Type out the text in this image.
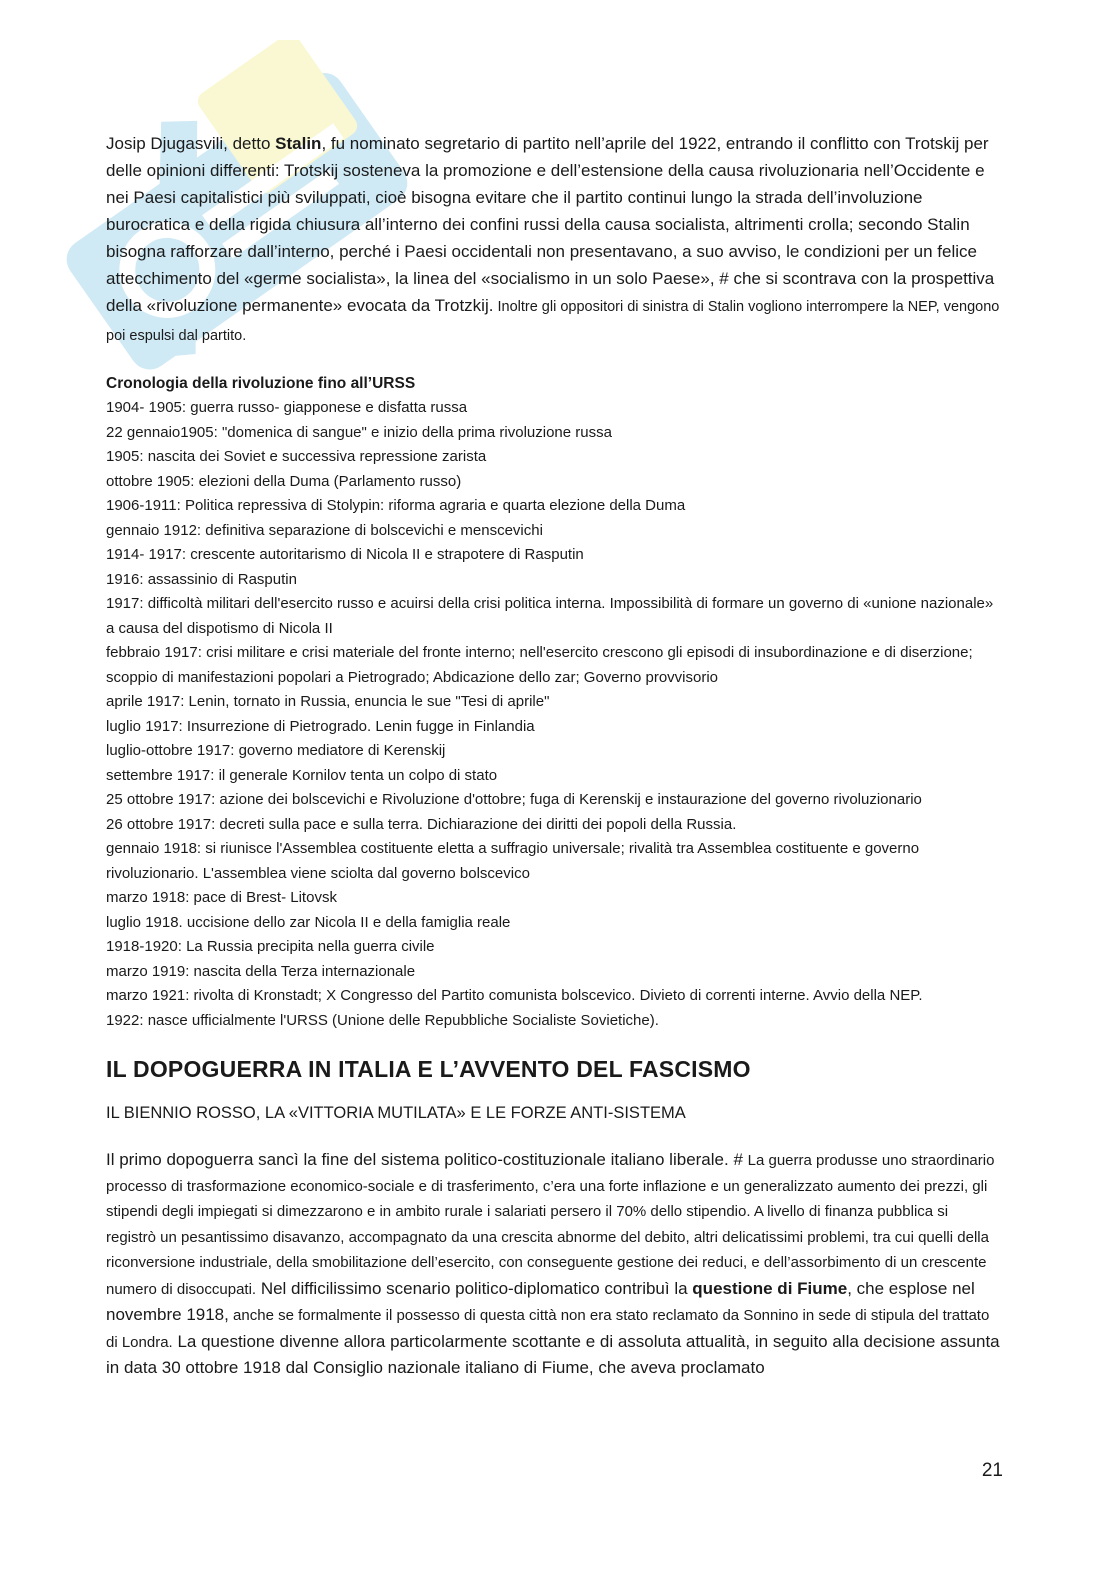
Josip Djugasvili, detto Stalin, fu nominato segretario di partito nell’aprile del 1922, entrando il conflitto con Trotskij per delle opinioni differenti: Trotskij sosteneva la promozione e dell’estensione della causa rivoluzionaria nell’Occidente e nei Paesi capitalistici più sviluppati, cioè bisogna evitare che il partito continui lungo la strada dell’involuzione burocratica e della rigida chiusura all’interno dei confini russi della causa socialista, altrimenti crolla; secondo Stalin bisogna rafforzare dall’interno, perché i Paesi occidentali non presentavano, a suo avviso, le condizioni per un felice attecchimento del «germe socialista», la linea del «socialismo in un solo Paese», # che si scontrava con la prospettiva della «rivoluzione permanente» evocata da Trotzkij. Inoltre gli oppositori di sinistra di Stalin vogliono interrompere la NEP, vengono poi espulsi dal partito.

Cronologia della rivoluzione fino all’URSS
1904- 1905: guerra russo- giapponese e disfatta russa
22 gennaio1905: "domenica di sangue" e inizio della prima rivoluzione russa
1905: nascita dei Soviet e successiva repressione zarista
ottobre 1905: elezioni della Duma (Parlamento russo)
1906-1911: Politica repressiva di Stolypin: riforma agraria e quarta elezione della Duma
gennaio 1912: definitiva separazione di bolscevichi e menscevichi
1914- 1917: crescente autoritarismo di Nicola II e strapotere di Rasputin
1916: assassinio di Rasputin
1917: difficoltà militari dell'esercito russo e acuirsi della crisi politica interna. Impossibilità di formare un governo di «unione nazionale» a causa del dispotismo di Nicola II
febbraio 1917: crisi militare e crisi materiale del fronte interno; nell'esercito crescono gli episodi di insubordinazione e di diserzione; scoppio di manifestazioni popolari a Pietrogrado; Abdicazione dello zar; Governo provvisorio
aprile 1917: Lenin, tornato in Russia, enuncia le sue "Tesi di aprile"
luglio 1917: Insurrezione di Pietrogrado. Lenin fugge in Finlandia
luglio-ottobre 1917: governo mediatore di Kerenskij
settembre 1917: il generale Kornilov tenta un colpo di stato
25 ottobre 1917: azione dei bolscevichi e Rivoluzione d'ottobre; fuga di Kerenskij e instaurazione del governo rivoluzionario
26 ottobre 1917: decreti sulla pace e sulla terra. Dichiarazione dei diritti dei popoli della Russia.
gennaio 1918: si riunisce l'Assemblea costituente eletta a suffragio universale; rivalità tra Assemblea costituente e governo rivoluzionario. L'assemblea viene sciolta dal governo bolscevico
marzo 1918: pace di Brest- Litovsk
luglio 1918. uccisione dello zar Nicola II e della famiglia reale
1918-1920: La Russia precipita nella guerra civile
marzo 1919: nascita della Terza internazionale
marzo 1921: rivolta di Kronstadt; X Congresso del Partito comunista bolscevico. Divieto di correnti interne. Avvio della NEP.
1922: nasce ufficialmente l'URSS (Unione delle Repubbliche Socialiste Sovietiche).
IL DOPOGUERRA IN ITALIA E L’AVVENTO DEL FASCISMO
IL BIENNIO ROSSO, LA «VITTORIA MUTILATA» E LE FORZE ANTI-SISTEMA

Il primo dopoguerra sancì la fine del sistema politico-costituzionale italiano liberale. # La guerra produsse uno straordinario processo di trasformazione economico-sociale e di trasferimento, c’era una forte inflazione e un generalizzato aumento dei prezzi, gli stipendi degli impiegati si dimezzarono e in ambito rurale i salariati persero il 70% dello stipendio. A livello di finanza pubblica si registrò un pesantissimo disavanzo, accompagnato da una crescita abnorme del debito, altri delicatissimi problemi, tra cui quelli della riconversione industriale, della smobilitazione dell’esercito, con conseguente gestione dei reduci, e dell’assorbimento di un crescente numero di disoccupati. Nel difficilissimo scenario politico-diplomatico contribuì la questione di Fiume, che esplose nel novembre 1918, anche se formalmente il possesso di questa città non era stato reclamato da Sonnino in sede di stipula del trattato di Londra. La questione divenne allora particolarmente scottante e di assoluta attualità, in seguito alla decisione assunta in data 30 ottobre 1918 dal Consiglio nazionale italiano di Fiume, che aveva proclamato

21
